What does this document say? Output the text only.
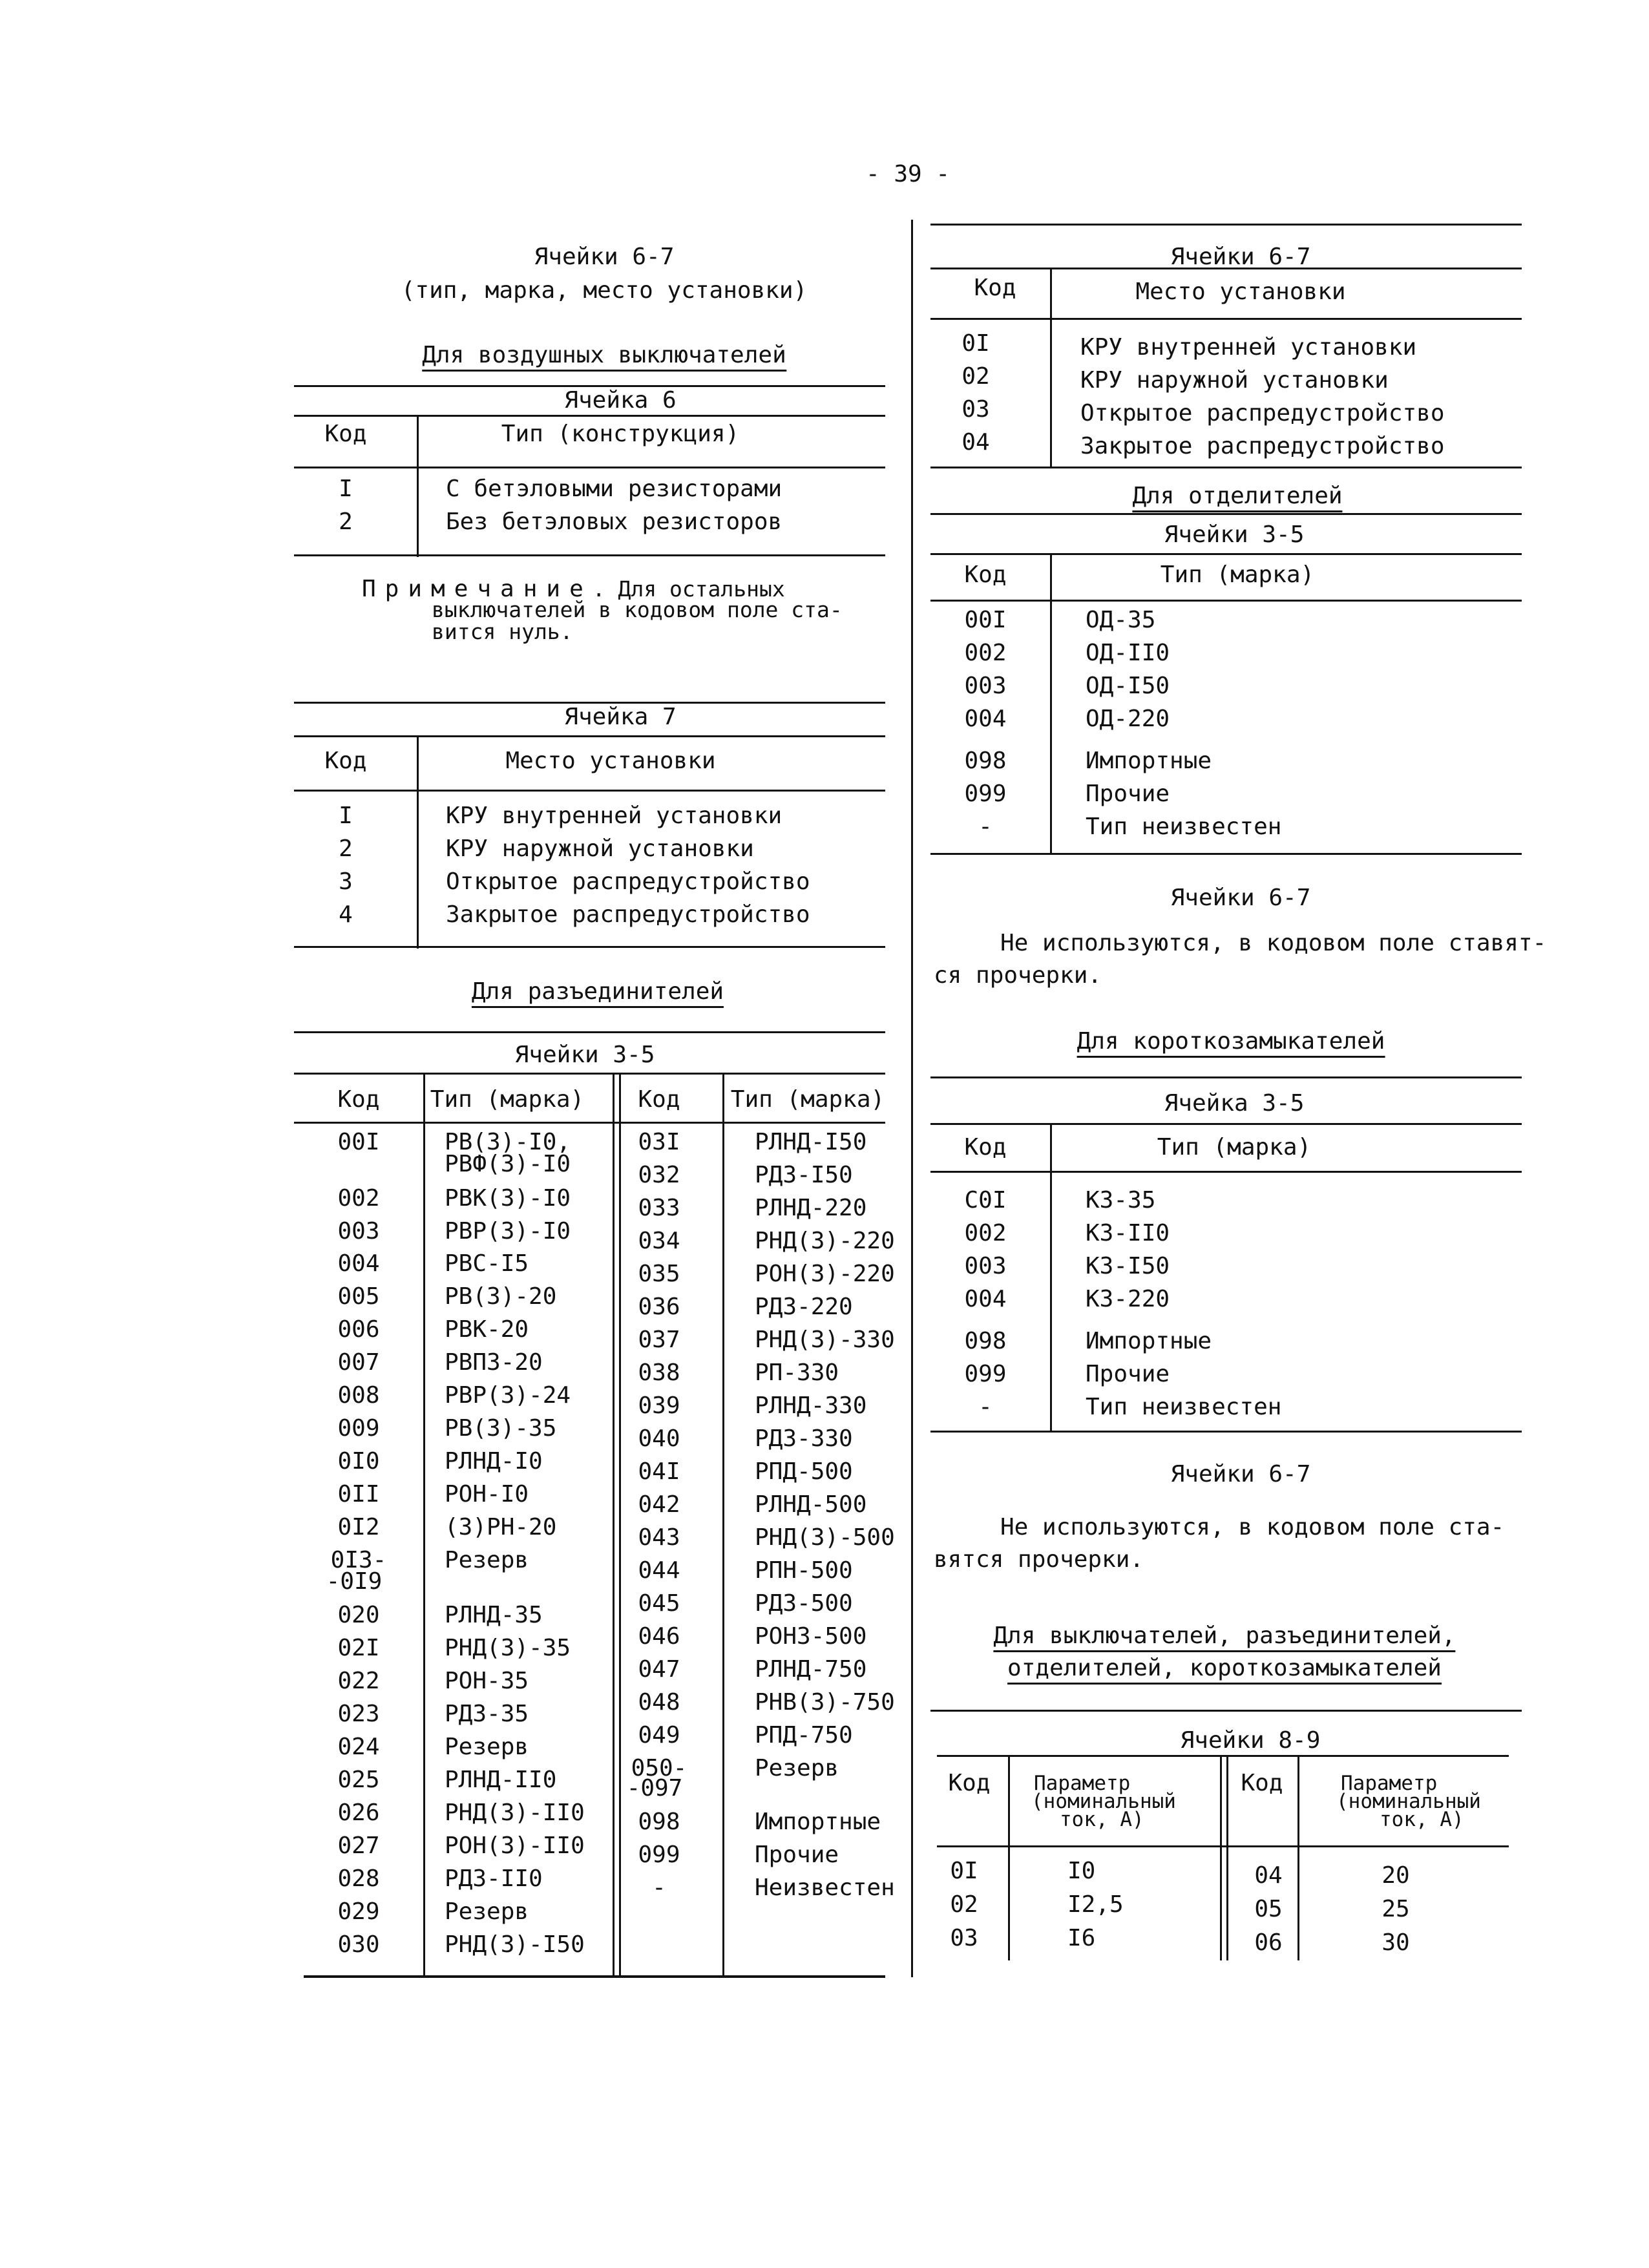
- 39 -
Ячейки 6-7
(тип, марка, место установки)
Для воздушных выключателей
Ячейка 6
Код	Тип (конструкция)
I	С бетэловыми резисторами
2	Без бетэловых резисторов
Примечание. Для остальных
выключателей в кодовом поле ста-
вится нуль.
Ячейка 7
Код	Место установки
I	КРУ внутренней установки
2	КРУ наружной установки
3	Открытое распредустройство
4	Закрытое распредустройство
Для разъединителей
Ячейки 3-5
Код Тип (марка) Код Тип (марка)
00I	РВ(3)-I0,
РВФ(3)-I0
002	РВК(3)-I0
003	РВР(3)-I0
004	РВС-I5
005	РВ(3)-20
006	РВК-20
007	РВП3-20
008	РВР(3)-24
009	РВ(3)-35
0I0	РЛНД-I0
0II	РОН-I0
0I2	(3)РН-20
0I3- Резерв
-0I9
020	РЛНД-35
02I	РНД(3)-35
022	РОН-35
023	РДЗ-35
024	Резерв
025	РЛНД-II0
026	РНД(3)-II0
027	РОН(3)-II0
028	РДЗ-II0
029	Резерв
030	РНД(3)-I50
03I	РЛНД-I50
032	РДЗ-I50
033	РЛНД-220
034	РНД(3)-220
035	РОН(3)-220
036	РДЗ-220
037	РНД(3)-330
038	РП-330
039	РЛНД-330
040	РДЗ-330
04I	РПД-500
042	РЛНД-500
043	РНД(3)-500
044	РПН-500
045	РДЗ-500
046	РОНЗ-500
047	РЛНД-750
048	РНВ(3)-750
049	РПД-750
050-	Резерв
-097
098	Импортные
099	Прочие
-	Неизвестен
Ячейки 6-7
Код	Место установки
0I	КРУ внутренней установки
02	КРУ наружной установки
03	Открытое распредустройство
04	Закрытое распредустройство
Для отделителей
Ячейки 3-5
Код	Тип (марка)
00I	ОД-35
002	ОД-II0
003	ОД-I50
004	ОД-220
098	Импортные
099	Прочие
-	Тип неизвестен
Ячейки 6-7
Не используются, в кодовом поле ставят-
ся прочерки.
Для короткозамыкателей
Ячейка 3-5
Код	Тип (марка)
С0I	КЗ-35
002	КЗ-II0
003	КЗ-I50
004	КЗ-220
098	Импортные
099	Прочие
-	Тип неизвестен
Ячейки 6-7
Не используются, в кодовом поле ста-
вятся прочерки.
Для выключателей, разъединителей,
отделителей, короткозамыкателей
Ячейки 8-9
Код Параметр
(номинальный
ток, А)
Код	Параметр
(номинальный
ток, А)
0I	I0	04	20
02	I2,5	05	25
03	I6	06	30
